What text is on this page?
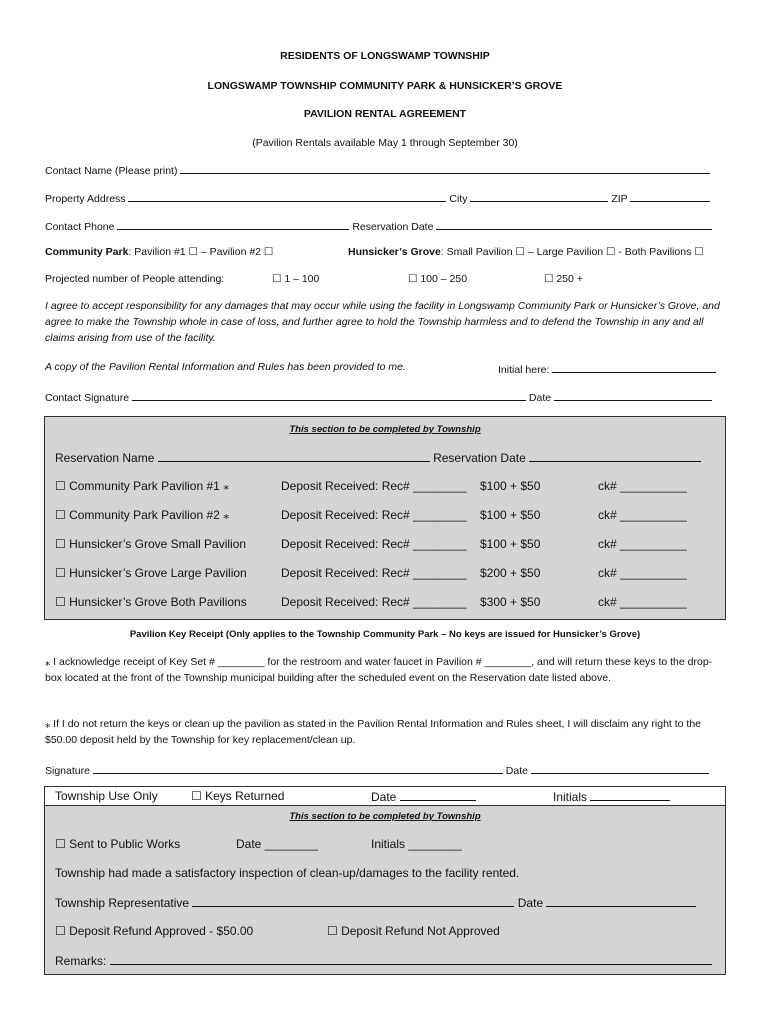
RESIDENTS OF LONGSWAMP TOWNSHIP
LONGSWAMP TOWNSHIP COMMUNITY PARK & HUNSICKER’S GROVE
PAVILION RENTAL AGREEMENT
(Pavilion Rentals available May 1 through September 30)
Contact Name (Please print)
Property Address	City	ZIP
Contact Phone	Reservation Date
Community Park: Pavilion #1 ☐ – Pavilion #2 ☐	Hunsicker’s Grove: Small Pavilion ☐ – Large Pavilion ☐ - Both Pavilions ☐
Projected number of People attending:	☐ 1 – 100	☐ 100 – 250	☐ 250 +
I agree to accept responsibility for any damages that may occur while using the facility in Longswamp Community Park or Hunsicker’s Grove, and agree to make the Township whole in case of loss, and further agree to hold the Township harmless and to defend the Township in any and all claims arising from use of the facility.
A copy of the Pavilion Rental Information and Rules has been provided to me.	Initial here:
Contact Signature	Date
This section to be completed by Township
Reservation Name	Reservation Date
☐ Community Park Pavilion #1 ⁎	Deposit Received: Rec# ________ $100 + $50	ck# __________
☐ Community Park Pavilion #2 ⁎	Deposit Received: Rec# ________ $100 + $50	ck# __________
☐ Hunsicker’s Grove Small Pavilion	Deposit Received: Rec# ________ $100 + $50	ck# __________
☐ Hunsicker’s Grove Large Pavilion	Deposit Received: Rec# ________ $200 + $50	ck# __________
☐ Hunsicker’s Grove Both Pavilions	Deposit Received: Rec# ________ $300 + $50	ck# __________
Pavilion Key Receipt (Only applies to the Township Community Park – No keys are issued for Hunsicker’s Grove)
⁎ I acknowledge receipt of Key Set # ________ for the restroom and water faucet in Pavilion # ________, and will return these keys to the drop-box located at the front of the Township municipal building after the scheduled event on the Reservation date listed above.
⁎ If I do not return the keys or clean up the pavilion as stated in the Pavilion Rental Information and Rules sheet, I will disclaim any right to the $50.00 deposit held by the Township for key replacement/clean up.
Signature	Date
Township Use Only	☐ Keys Returned	Date	Initials
This section to be completed by Township
☐ Sent to Public Works	Date ________	Initials ________
Township had made a satisfactory inspection of clean-up/damages to the facility rented.
Township Representative	Date
☐ Deposit Refund Approved - $50.00	☐ Deposit Refund Not Approved
Remarks:
